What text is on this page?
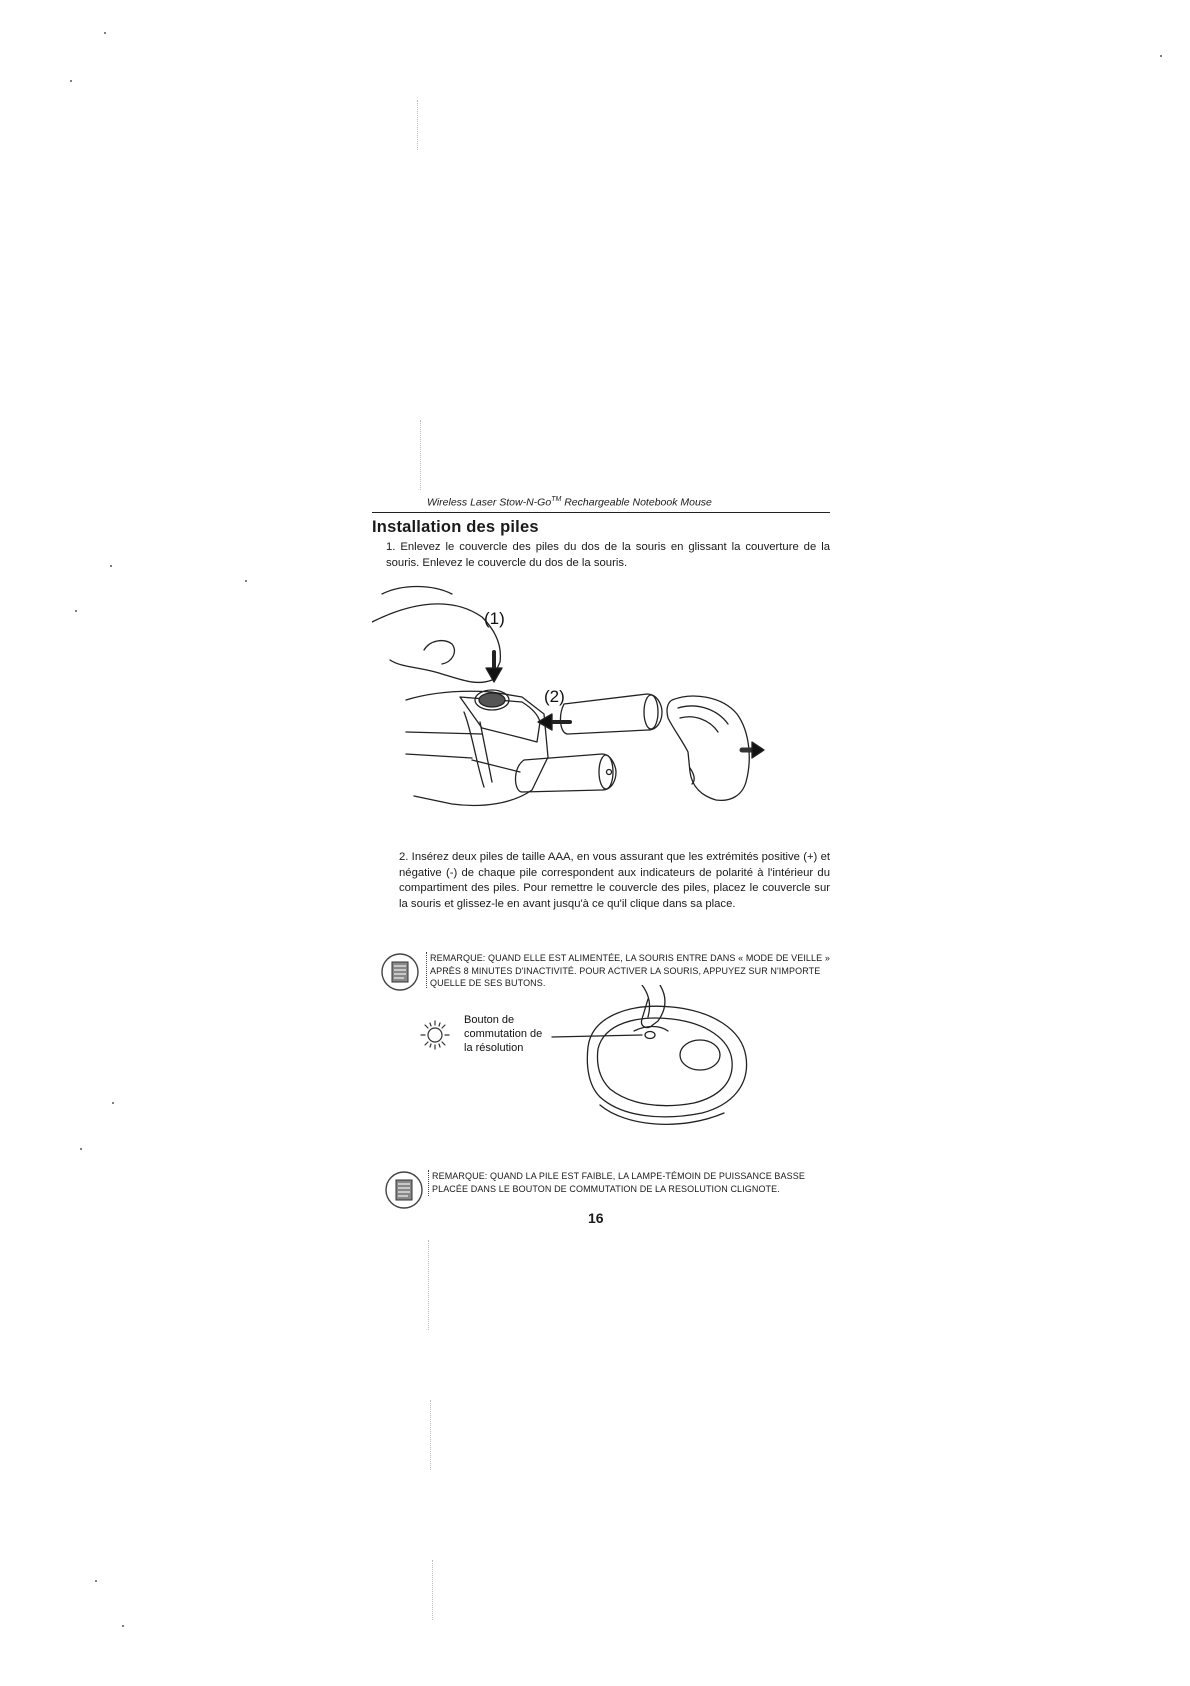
Wireless Laser Stow-N-Go™ Rechargeable Notebook Mouse
Installation des piles

1. Enlevez le couvercle des piles du dos de la souris en glissant la couverture de la souris. Enlevez le couvercle du dos de la souris.

(1)
(2)

2. Insérez deux piles de taille AAA, en vous assurant que les extrémités positive (+) et négative (-) de chaque pile correspondent aux indicateurs de polarité à l'intérieur du compartiment des piles. Pour remettre le couvercle des piles, placez le couvercle sur la souris et glissez-le en avant jusqu'à ce qu'il clique dans sa place.

REMARQUE: QUAND ELLE EST ALIMENTÉE, LA SOURIS ENTRE DANS « MODE DE VEILLE » APRÈS 8 MINUTES D'INACTIVITÉ. POUR ACTIVER LA SOURIS, APPUYEZ SUR N'IMPORTE QUELLE DE SES BUTONS.

Bouton de
commutation de
la résolution

REMARQUE: QUAND LA PILE EST FAIBLE, LA LAMPE-TÉMOIN DE PUISSANCE BASSE PLACÉE DANS LE BOUTON DE COMMUTATION DE LA RESOLUTION CLIGNOTE.

16
